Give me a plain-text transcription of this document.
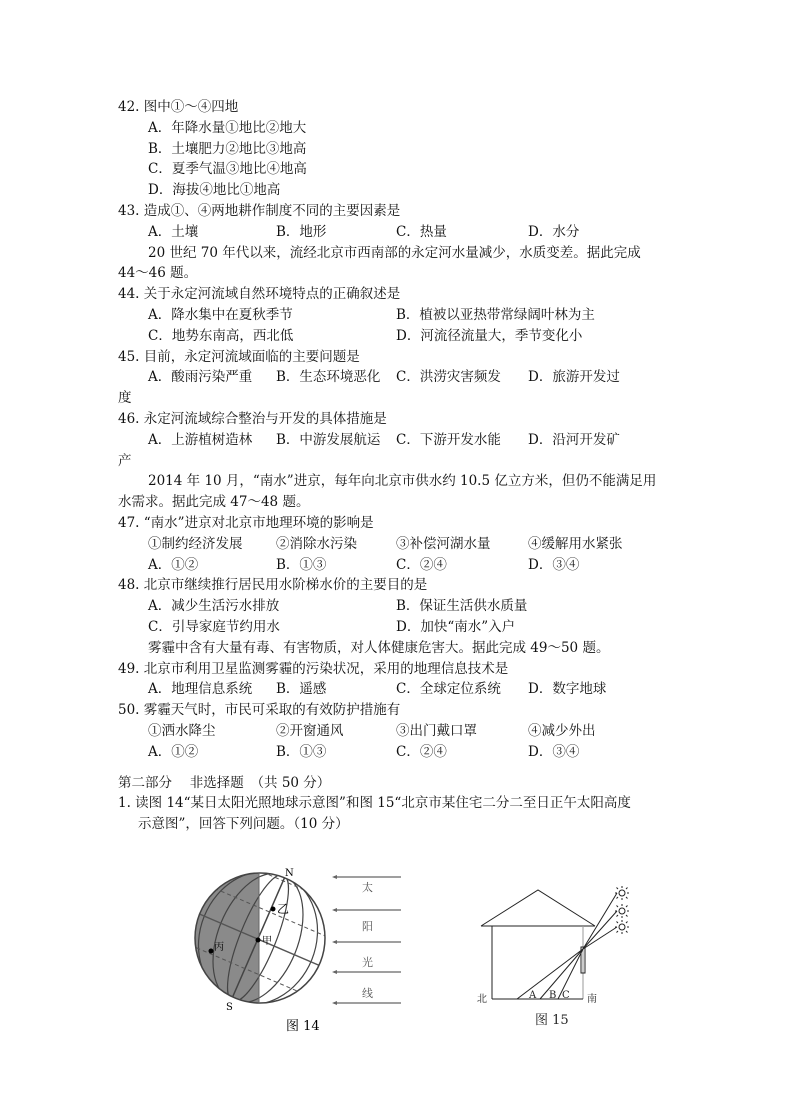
42. 图中①～④四地
A．年降水量①地比②地大
B．土壤肥力②地比③地高
C．夏季气温③地比④地高
D．海拔④地比①地高
43. 造成①、④两地耕作制度不同的主要因素是
A．土壤	B．地形	C．热量	D．水分
20 世纪 70 年代以来，流经北京市西南部的永定河水量减少，水质变差。据此完成
44～46 题。
44. 关于永定河流域自然环境特点的正确叙述是
A．降水集中在夏秋季节	B．植被以亚热带常绿阔叶林为主
C．地势东南高，西北低	D．河流径流量大，季节变化小
45. 目前，永定河流域面临的主要问题是
A．酸雨污染严重 B．生态环境恶化 C．洪涝灾害频发 D．旅游开发过
度
46. 永定河流域综合整治与开发的具体措施是
A．上游植树造林 B．中游发展航运 C．下游开发水能 D．沿河开发矿
产
2014 年 10 月，“南水”进京，每年向北京市供水约 10.5 亿立方米，但仍不能满足用
水需求。据此完成 47～48 题。
47. “南水”进京对北京市地理环境的影响是
①制约经济发展 ②消除水污染	③补偿河湖水量	④缓解用水紧张
A．①②	B．①③	C．②④	D．③④
48. 北京市继续推行居民用水阶梯水价的主要目的是
A．减少生活污水排放	B．保证生活供水质量
C．引导家庭节约用水	D．加快“南水”入户
雾霾中含有大量有毒、有害物质，对人体健康危害大。据此完成 49～50 题。
49. 北京市利用卫星监测雾霾的污染状况，采用的地理信息技术是
A．地理信息系统 B．遥感	C．全球定位系统 D．数字地球
50. 雾霾天气时，市民可采取的有效防护措施有
①洒水降尘	②开窗通风	③出门戴口罩	④减少外出
A．①②	B．①③	C．②④	D．③④
第二部分　 非选择题　（共 50 分）
1. 读图 14“某日太阳光照地球示意图”和图 15“北京市某住宅二分二至日正午太阳高度
示意图”，回答下列问题。（10 分）
N
S
甲
乙
丙
太
阳
光
线
图 14
北	南
A B C
图 15
